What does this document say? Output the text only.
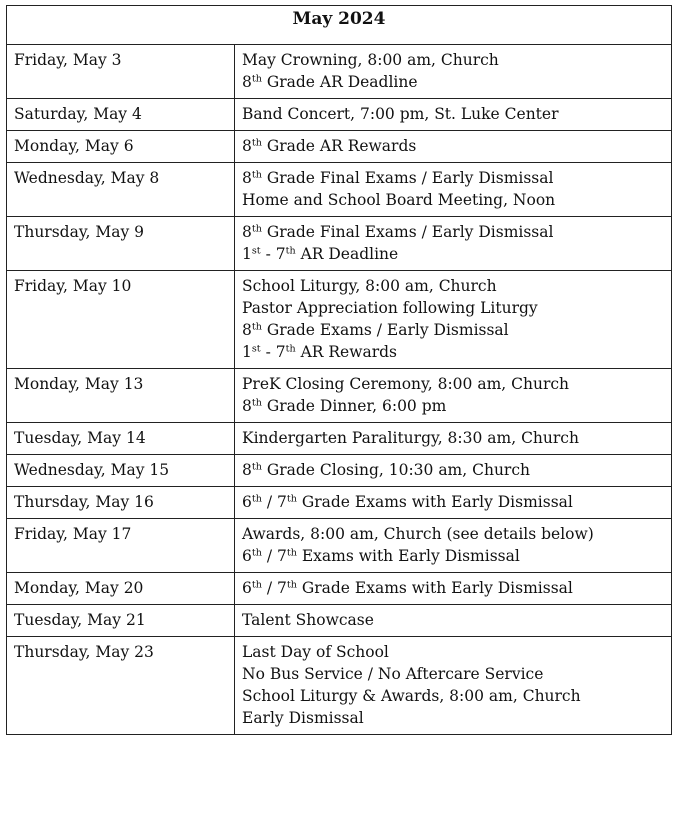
May 2024	
Friday, May 3	May Crowning, 8:00 am, Church
8th Grade AR Deadline

Saturday, May 4	Band Concert, 7:00 pm, St. Luke Center

Monday, May 6	8th Grade AR Rewards

Wednesday, May 8	8th Grade Final Exams / Early Dismissal
Home and School Board Meeting, Noon

Thursday, May 9	8th Grade Final Exams / Early Dismissal
1st - 7th AR Deadline

Friday, May 10	School Liturgy, 8:00 am, Church
Pastor Appreciation following Liturgy
8th Grade Exams / Early Dismissal
1st - 7th AR Rewards

Monday, May 13	PreK Closing Ceremony, 8:00 am, Church
8th Grade Dinner, 6:00 pm

Tuesday, May 14	Kindergarten Paraliturgy, 8:30 am, Church

Wednesday, May 15	8th Grade Closing, 10:30 am, Church

Thursday, May 16	6th / 7th Grade Exams with Early Dismissal

Friday, May 17	Awards, 8:00 am, Church (see details below)
6th / 7th Exams with Early Dismissal

Monday, May 20	6th / 7th Grade Exams with Early Dismissal

Tuesday, May 21	Talent Showcase

Thursday, May 23	Last Day of School
No Bus Service / No Aftercare Service
School Liturgy & Awards, 8:00 am, Church
Early Dismissal
